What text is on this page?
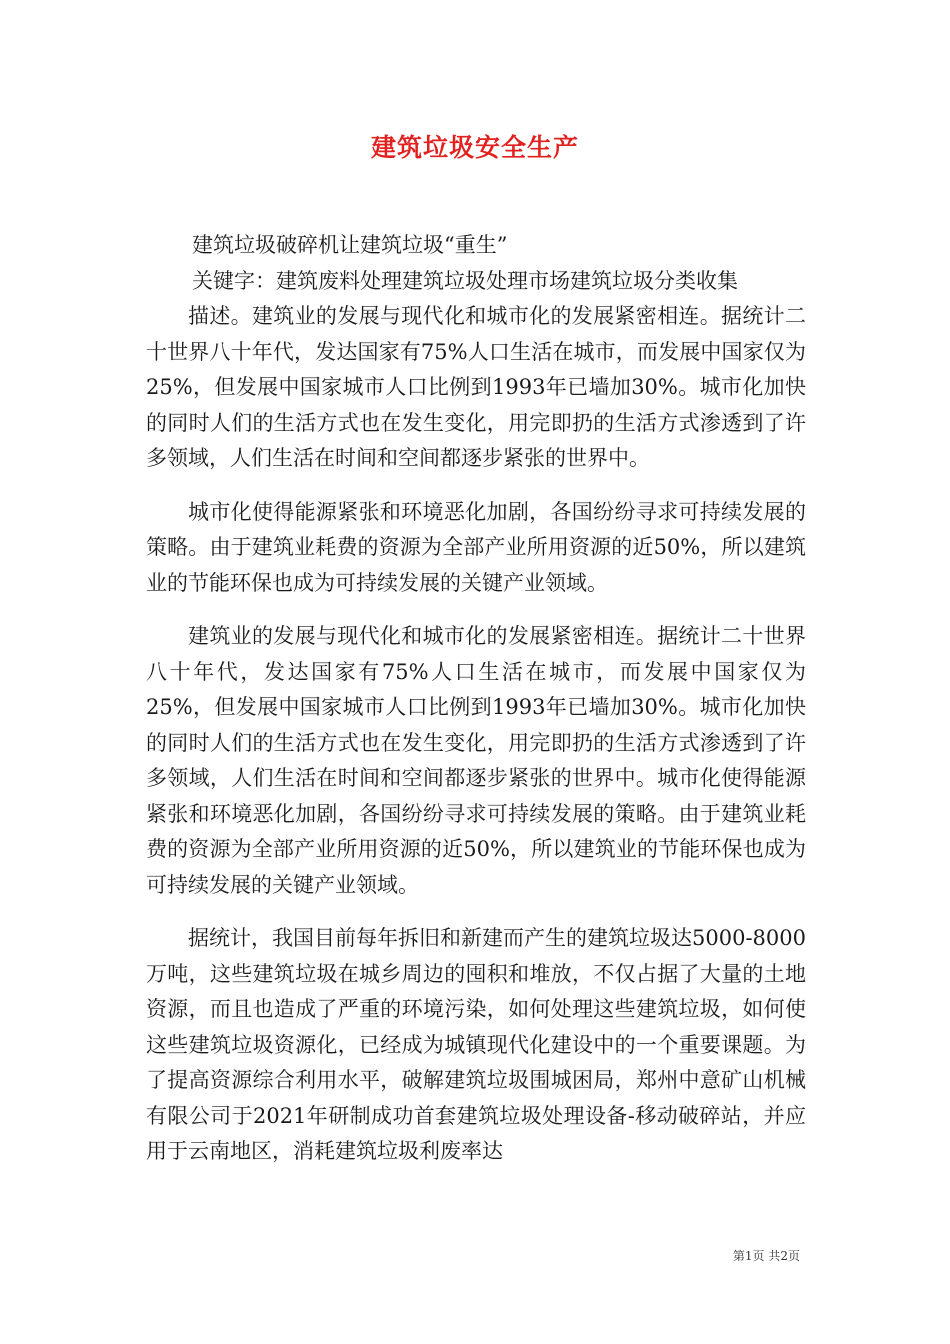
建筑垃圾安全生产

建筑垃圾破碎机让建筑垃圾“重生”

关键字：建筑废料处理建筑垃圾处理市场建筑垃圾分类收集

描述。建筑业的发展与现代化和城市化的发展紧密相连。据统计二十世界八十年代，发达国家有75%人口生活在城市，而发展中国家仅为25%，但发展中国家城市人口比例到1993年已墙加30%。城市化加快的同时人们的生活方式也在发生变化，用完即扔的生活方式渗透到了许多领域，人们生活在时间和空间都逐步紧张的世界中。

城市化使得能源紧张和环境恶化加剧，各国纷纷寻求可持续发展的策略。由于建筑业耗费的资源为全部产业所用资源的近50%，所以建筑业的节能环保也成为可持续发展的关键产业领域。

建筑业的发展与现代化和城市化的发展紧密相连。据统计二十世界八十年代，发达国家有75%人口生活在城市，而发展中国家仅为25%，但发展中国家城市人口比例到1993年已墙加30%。城市化加快的同时人们的生活方式也在发生变化，用完即扔的生活方式渗透到了许多领域，人们生活在时间和空间都逐步紧张的世界中。城市化使得能源紧张和环境恶化加剧，各国纷纷寻求可持续发展的策略。由于建筑业耗费的资源为全部产业所用资源的近50%，所以建筑业的节能环保也成为可持续发展的关键产业领域。

据统计，我国目前每年拆旧和新建而产生的建筑垃圾达5000-8000万吨，这些建筑垃圾在城乡周边的囤积和堆放，不仅占据了大量的土地资源，而且也造成了严重的环境污染，如何处理这些建筑垃圾，如何使这些建筑垃圾资源化，已经成为城镇现代化建设中的一个重要课题。为了提高资源综合利用水平，破解建筑垃圾围城困局，郑州中意矿山机械有限公司于2021年研制成功首套建筑垃圾处理设备-移动破碎站，并应用于云南地区，消耗建筑垃圾利废率达

第1页 共2页
